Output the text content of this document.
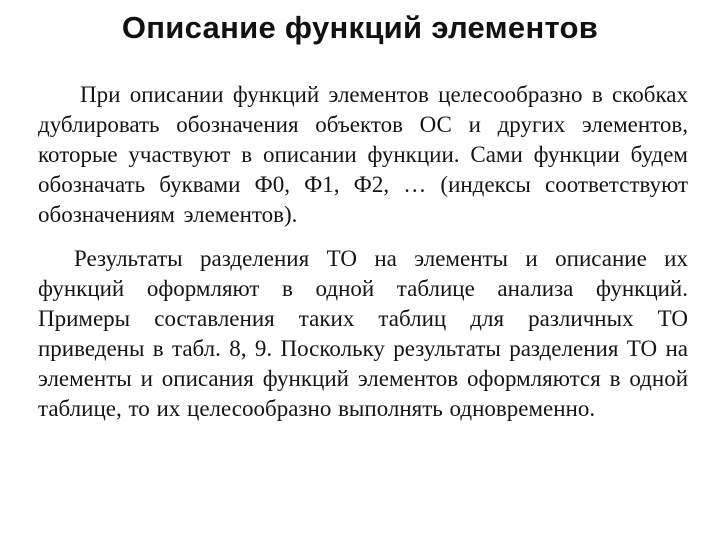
Описание функций элементов

При описании функций элементов целесообразно в скобках дублировать обозначения объектов ОС и других элементов, которые участвуют в описании функции. Сами функции будем обозначать буквами Ф0, Ф1, Ф2, … (индексы соответствуют обозначениям элементов).

Результаты разделения ТО на элементы и описание их функций оформляют в одной таблице анализа функций. Примеры составления таких таблиц для различных ТО приведены в табл. 8, 9. Поскольку результаты разделения ТО на элементы и описания функций элементов оформляются в одной таблице, то их целесообразно выполнять одновременно.
